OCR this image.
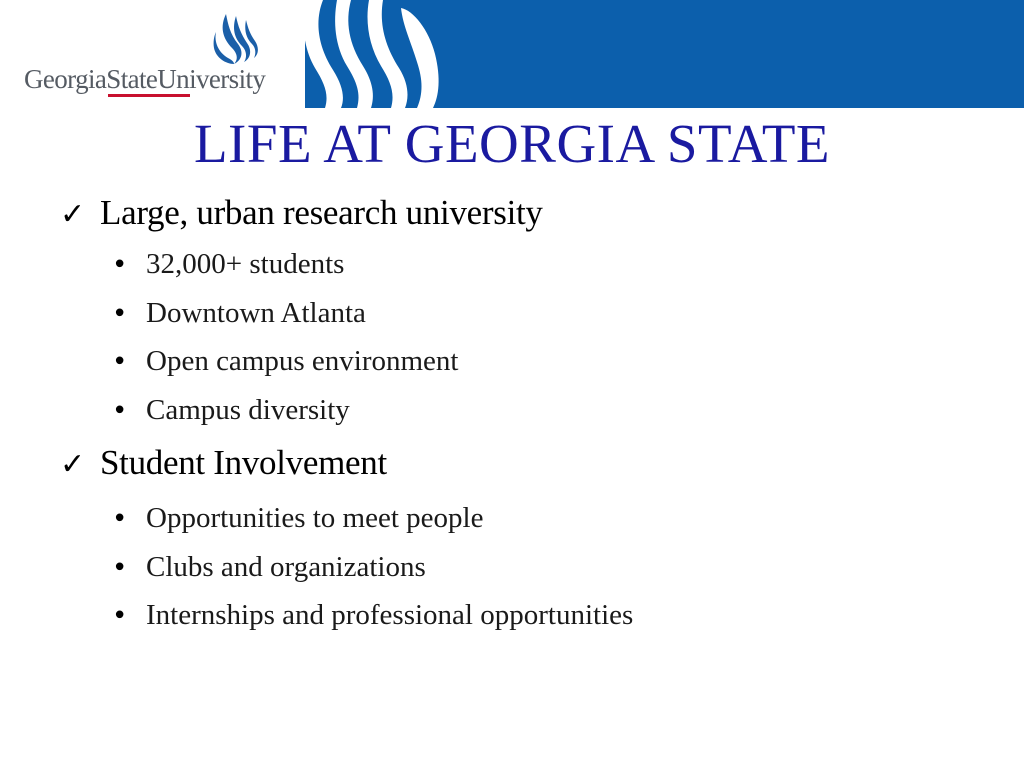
GeorgiaStateUniversity
LIFE AT GEORGIA STATE
✓ Large, urban research university
• 32,000+ students
• Downtown Atlanta
• Open campus environment
• Campus diversity
✓ Student Involvement
• Opportunities to meet people
• Clubs and organizations
• Internships and professional opportunities
